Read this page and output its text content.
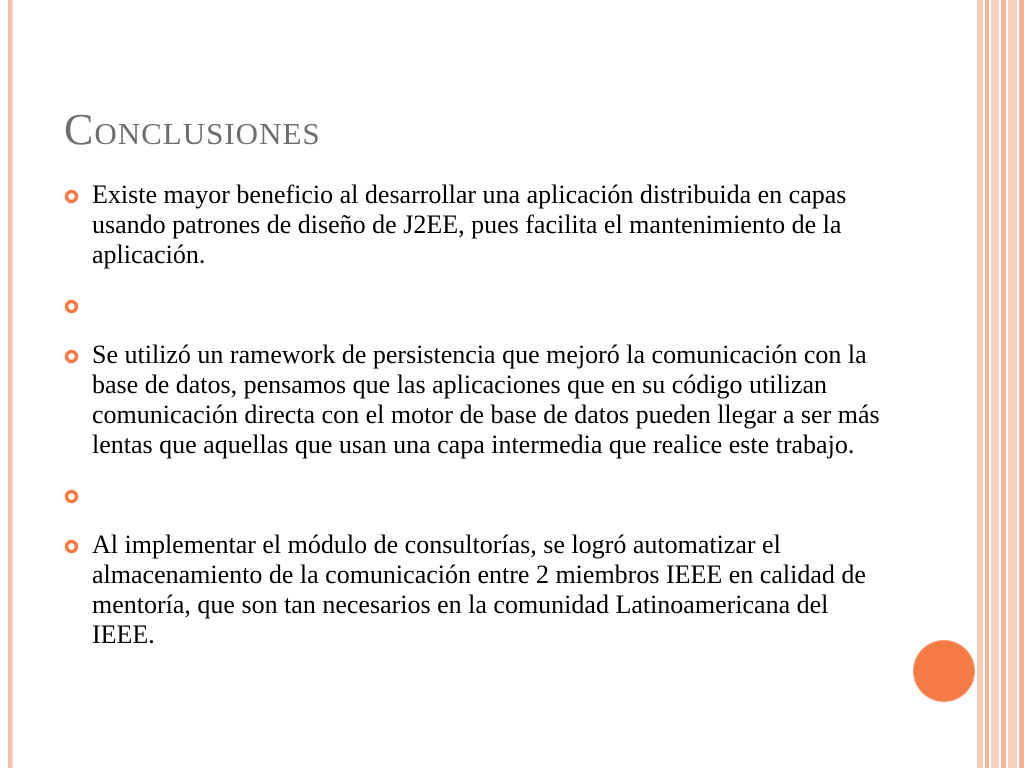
Conclusiones
Existe mayor beneficio al desarrollar una aplicación distribuida en capas usando patrones de diseño de J2EE, pues facilita el mantenimiento de la aplicación.
Se utilizó un ramework de persistencia que mejoró la comunicación con la base de datos, pensamos que las aplicaciones que en su código utilizan comunicación directa con el motor de base de datos pueden llegar a ser más lentas que aquellas que usan una capa intermedia que realice este trabajo.
Al implementar el módulo de consultorías, se logró automatizar el almacenamiento de la comunicación entre 2 miembros IEEE en calidad de mentoría, que son tan necesarios en la comunidad Latinoamericana del IEEE.
